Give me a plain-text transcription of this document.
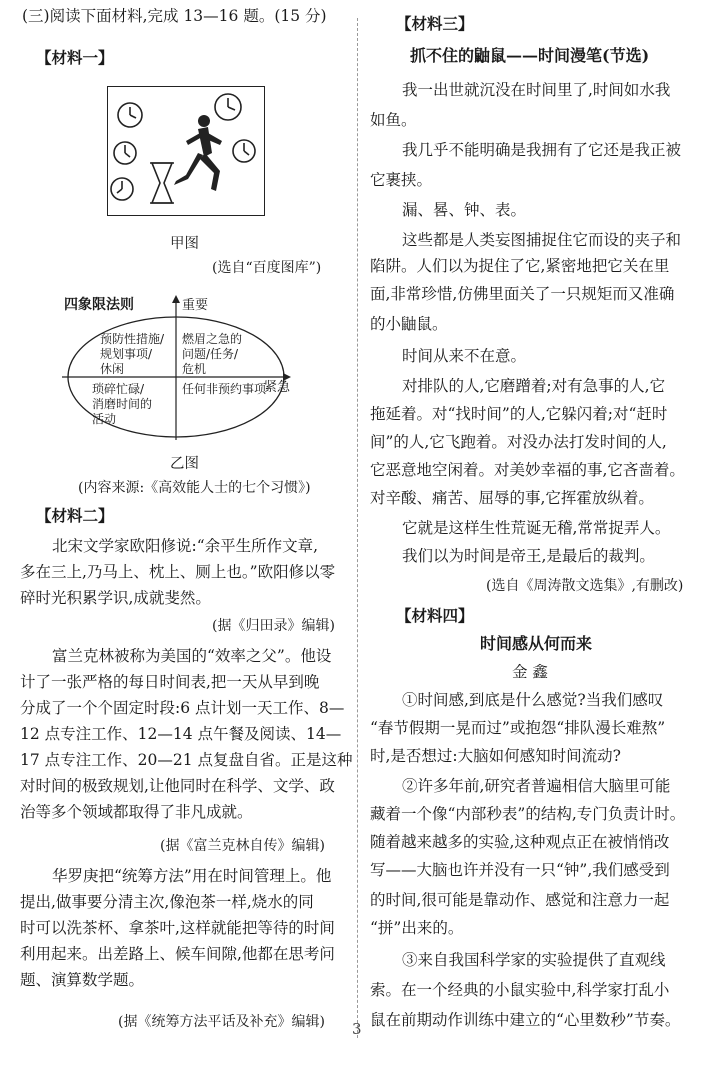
(三)阅读下面材料,完成 13—16 题。(15 分)
【材料一】
甲图
(选自“百度图库”)
四象限法则	重要
紧急
预防性措施/
规划事项/
休闲
燃眉之急的
问题/任务/
危机
琐碎忙碌/
消磨时间的
活动
任何非预约事项
乙图
(内容来源:《高效能人士的七个习惯》)
【材料二】
北宋文学家欧阳修说:“余平生所作文章,
多在三上,乃马上、枕上、厕上也。”欧阳修以零
碎时光积累学识,成就斐然。
(据《归田录》编辑)
富兰克林被称为美国的“效率之父”。他设
计了一张严格的每日时间表,把一天从早到晚
分成了一个个固定时段:6 点计划一天工作、8—
12 点专注工作、12—14 点午餐及阅读、14—
17 点专注工作、20—21 点复盘自省。正是这种
对时间的极致规划,让他同时在科学、文学、政
治等多个领域都取得了非凡成就。
(据《富兰克林自传》编辑)
华罗庚把“统筹方法”用在时间管理上。他
提出,做事要分清主次,像泡茶一样,烧水的同
时可以洗茶杯、拿茶叶,这样就能把等待的时间
利用起来。出差路上、候车间隙,他都在思考问
题、演算数学题。
(据《统筹方法平话及补充》编辑)
【材料三】
抓不住的鼬鼠——时间漫笔(节选)
我一出世就沉没在时间里了,时间如水我
如鱼。
我几乎不能明确是我拥有了它还是我正被
它裹挟。
漏、晷、钟、表。
这些都是人类妄图捕捉住它而设的夹子和
陷阱。人们以为捉住了它,紧密地把它关在里
面,非常珍惜,仿佛里面关了一只规矩而又准确
的小鼬鼠。
时间从来不在意。
对排队的人,它磨蹭着;对有急事的人,它
拖延着。对“找时间”的人,它躲闪着;对“赶时
间”的人,它飞跑着。对没办法打发时间的人,
它恶意地空闲着。对美妙幸福的事,它吝啬着。
对辛酸、痛苦、屈辱的事,它挥霍放纵着。
它就是这样生性荒诞无稽,常常捉弄人。
我们以为时间是帝王,是最后的裁判。
(选自《周涛散文选集》,有删改)
【材料四】
时间感从何而来
金 鑫
①时间感,到底是什么感觉?当我们感叹
“春节假期一晃而过”或抱怨“排队漫长难熬”
时,是否想过:大脑如何感知时间流动?
②许多年前,研究者普遍相信大脑里可能
藏着一个像“内部秒表”的结构,专门负责计时。
随着越来越多的实验,这种观点正在被悄悄改
写——大脑也许并没有一只“钟”,我们感受到
的时间,很可能是靠动作、感觉和注意力一起
“拼”出来的。
③来自我国科学家的实验提供了直观线
索。在一个经典的小鼠实验中,科学家打乱小
鼠在前期动作训练中建立的“心里数秒”节奏。
3
